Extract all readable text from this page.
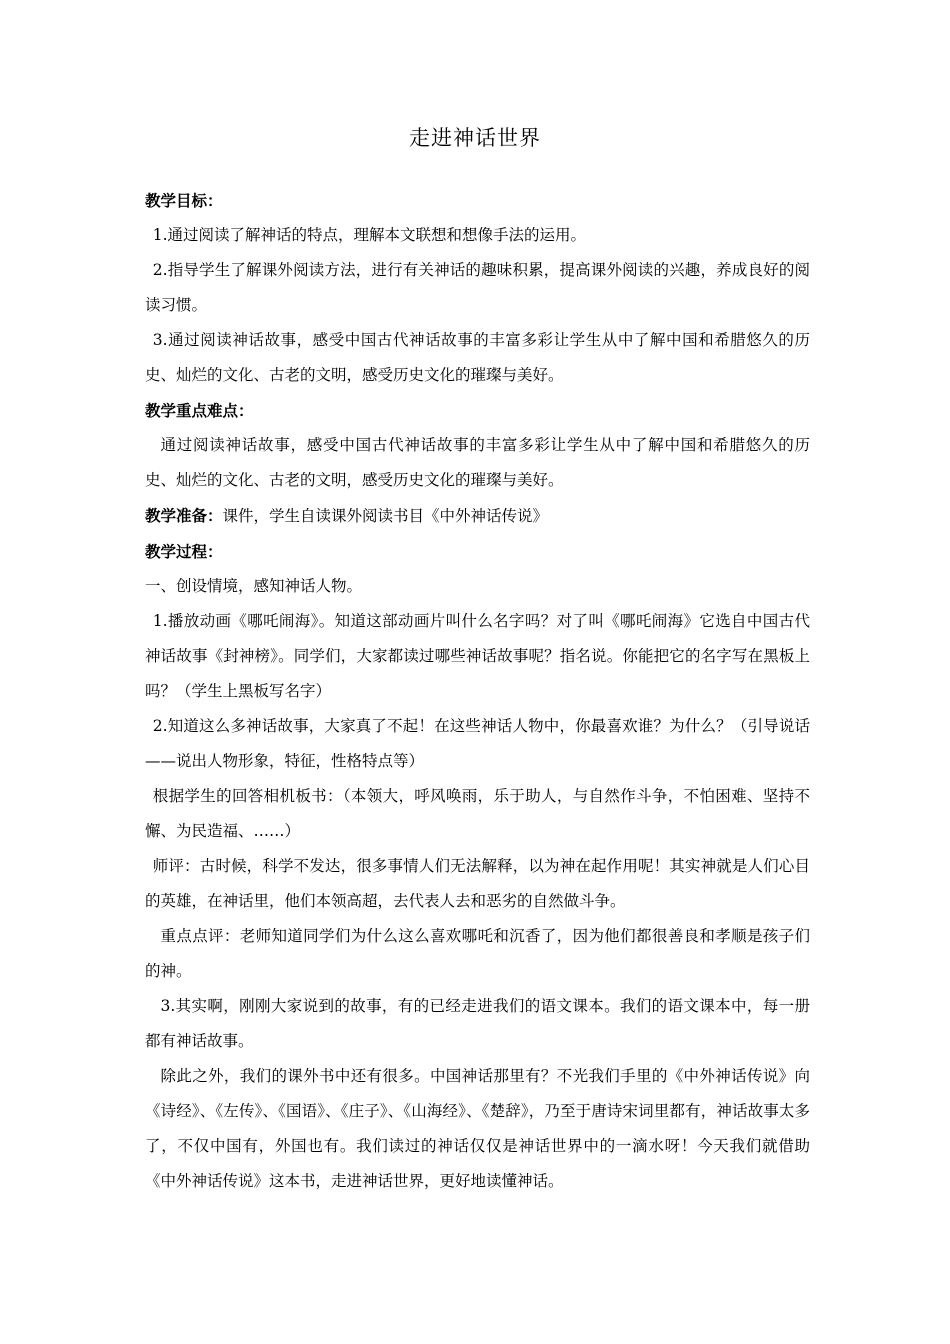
走进神话世界

教学目标：

1.通过阅读了解神话的特点，理解本文联想和想像手法的运用。

2.指导学生了解课外阅读方法，进行有关神话的趣味积累，提高课外阅读的兴趣，养成良好的阅读习惯。

3.通过阅读神话故事，感受中国古代神话故事的丰富多彩让学生从中了解中国和希腊悠久的历史、灿烂的文化、古老的文明，感受历史文化的璀璨与美好。

教学重点难点：

通过阅读神话故事，感受中国古代神话故事的丰富多彩让学生从中了解中国和希腊悠久的历史、灿烂的文化、古老的文明，感受历史文化的璀璨与美好。

教学准备：课件，学生自读课外阅读书目《中外神话传说》

教学过程：

一、创设情境，感知神话人物。

1.播放动画《哪吒闹海》。知道这部动画片叫什么名字吗？对了叫《哪吒闹海》它选自中国古代神话故事《封神榜》。同学们，大家都读过哪些神话故事呢？指名说。你能把它的名字写在黑板上吗？（学生上黑板写名字）

2.知道这么多神话故事，大家真了不起！在这些神话人物中，你最喜欢谁？为什么？（引导说话——说出人物形象，特征，性格特点等）

根据学生的回答相机板书：（本领大，呼风唤雨，乐于助人，与自然作斗争，不怕困难、坚持不懈、为民造福、……）

师评：古时候，科学不发达，很多事情人们无法解释，以为神在起作用呢！其实神就是人们心目的英雄，在神话里，他们本领高超，去代表人去和恶劣的自然做斗争。

重点点评：老师知道同学们为什么这么喜欢哪吒和沉香了，因为他们都很善良和孝顺是孩子们的神。

3.其实啊，刚刚大家说到的故事，有的已经走进我们的语文课本。我们的语文课本中，每一册都有神话故事。

除此之外，我们的课外书中还有很多。中国神话那里有？不光我们手里的《中外神话传说》向《诗经》、《左传》、《国语》、《庄子》、《山海经》、《楚辞》，乃至于唐诗宋词里都有，神话故事太多了，不仅中国有，外国也有。我们读过的神话仅仅是神话世界中的一滴水呀！今天我们就借助《中外神话传说》这本书，走进神话世界，更好地读懂神话。
